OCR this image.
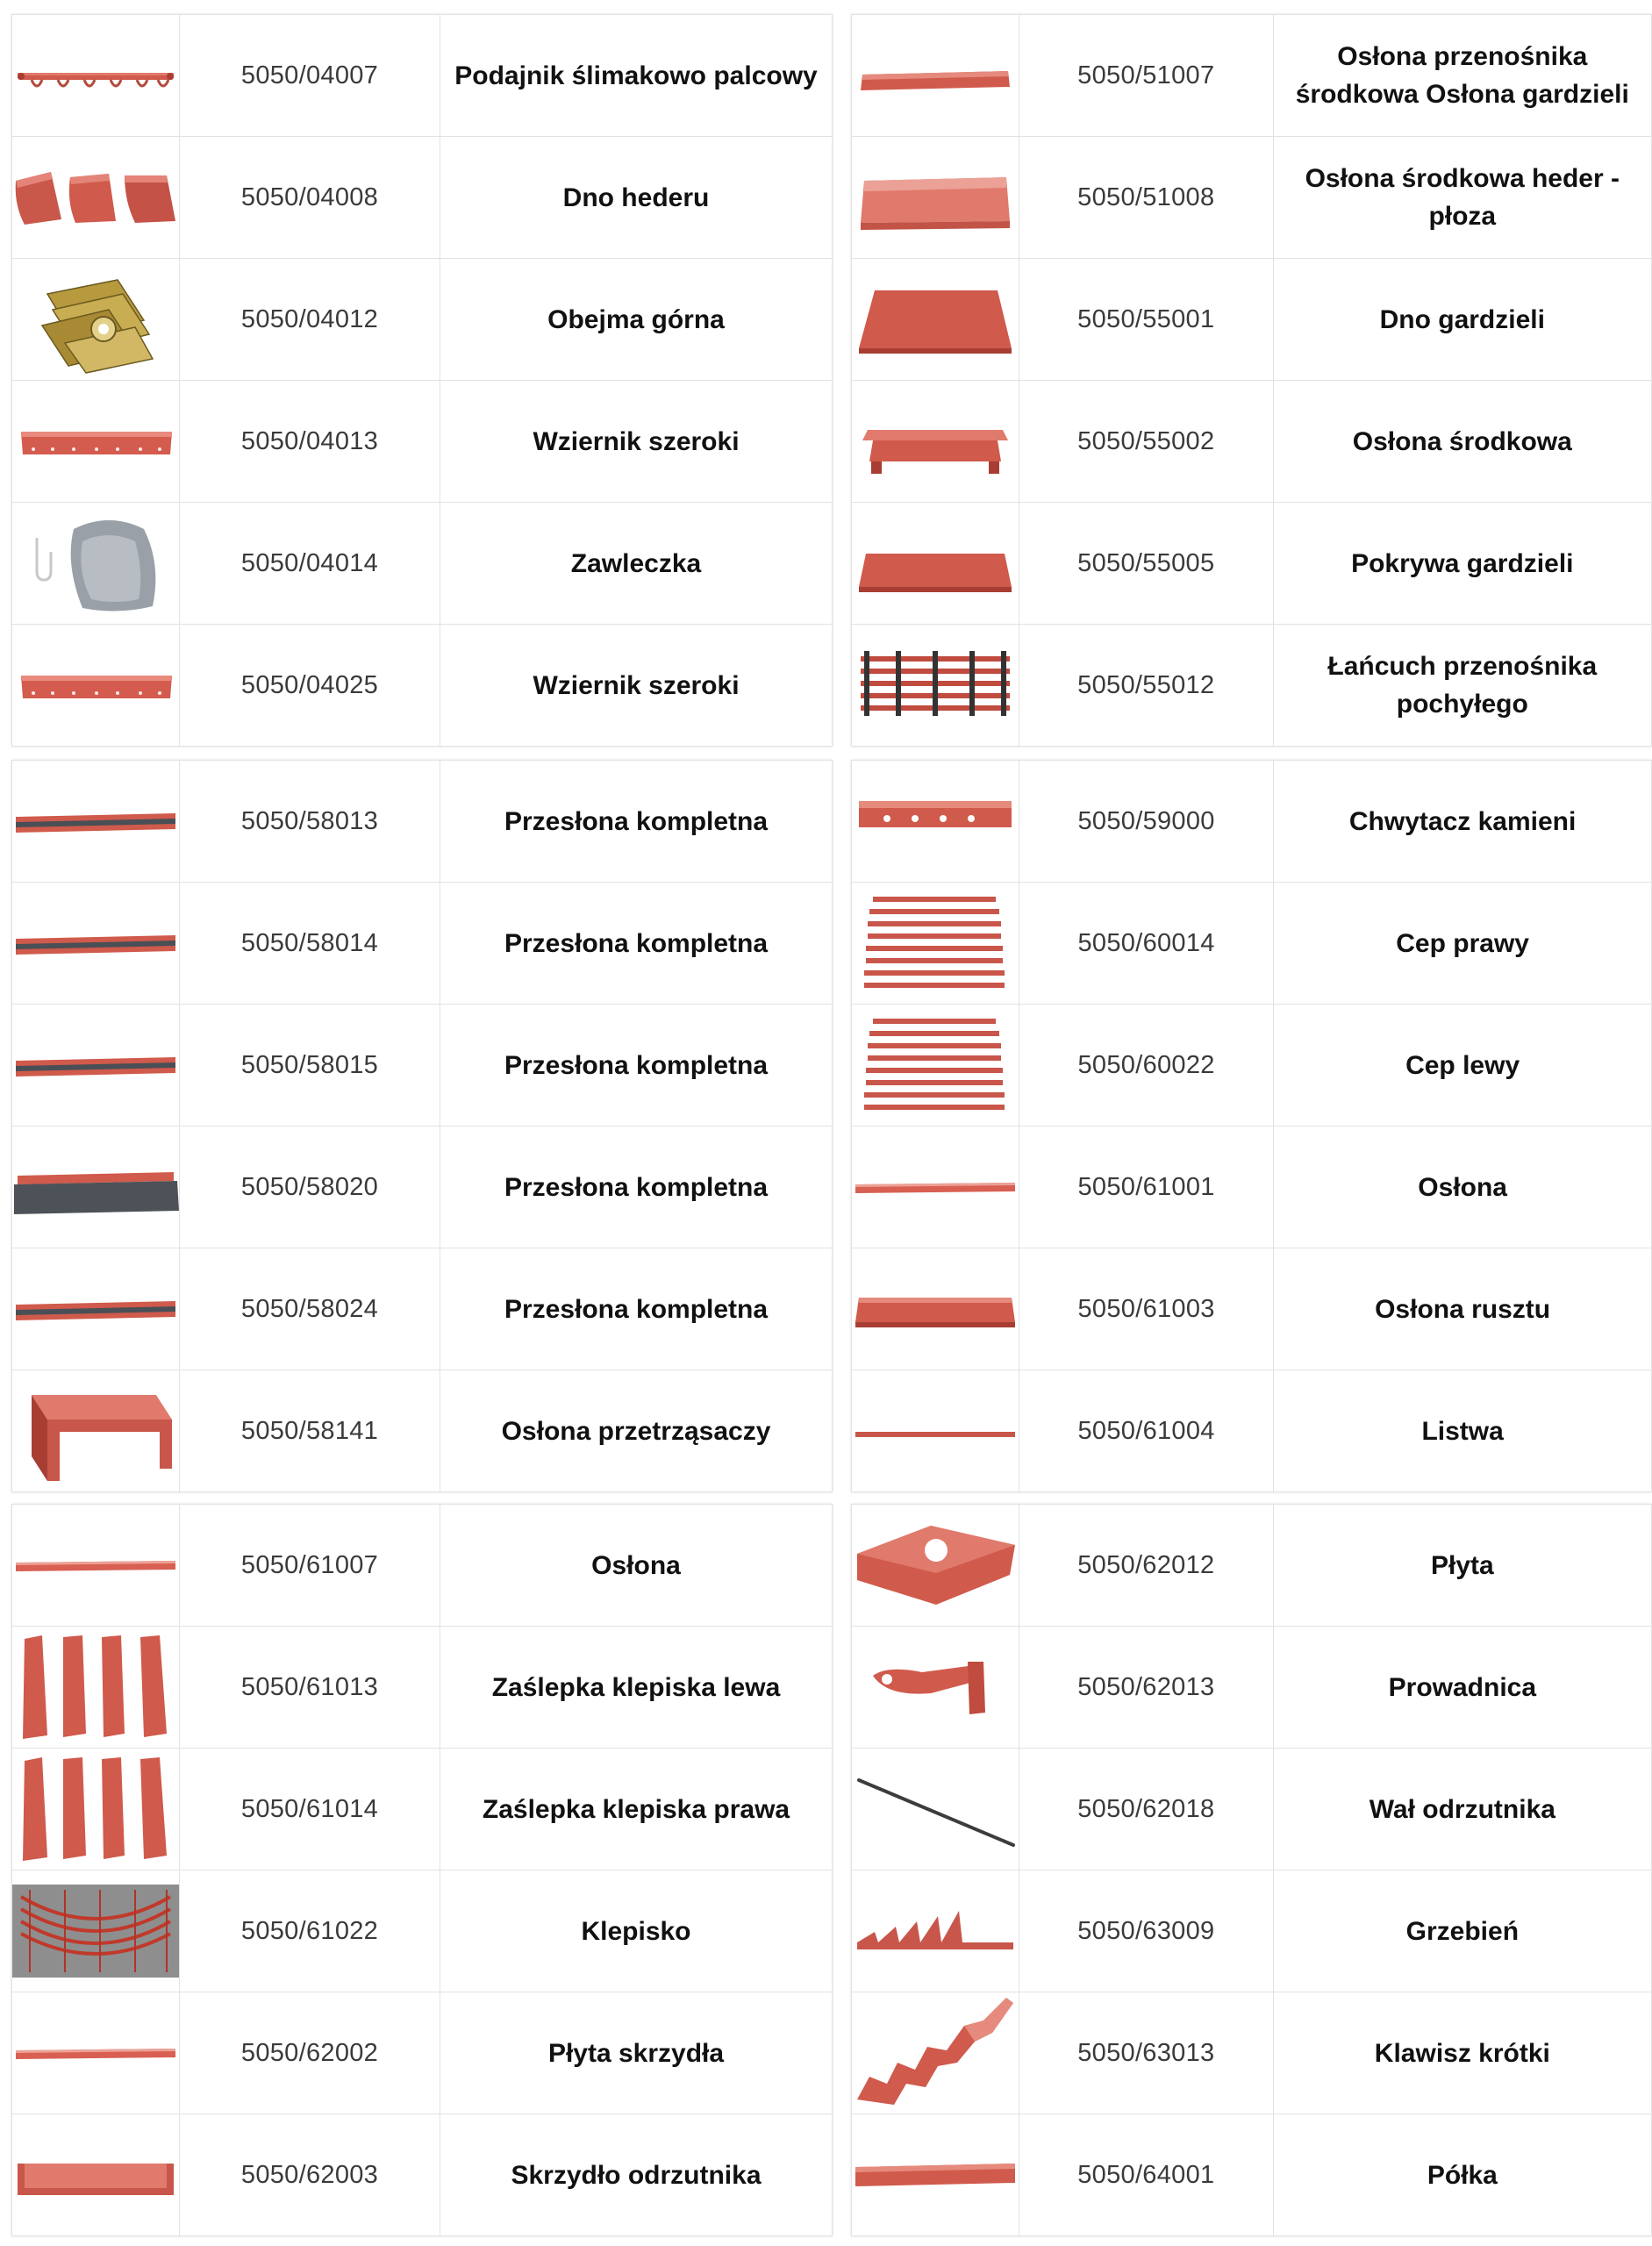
	5050/04007	Podajnik ślimakowo palcowy

	5050/04008	Dno hederu

	5050/04012	Obejma górna

	5050/04013	Wziernik szeroki

	5050/04014	Zawleczka

	5050/04025	Wziernik szeroki
	5050/51007	Osłona przenośnika środkowa Osłona gardzieli

	5050/51008	Osłona środkowa heder - płoza

	5050/55001	Dno gardzieli

	5050/55002	Osłona środkowa

	5050/55005	Pokrywa gardzieli

	5050/55012	Łańcuch przenośnika pochyłego
	5050/58013	Przesłona kompletna

	5050/58014	Przesłona kompletna

	5050/58015	Przesłona kompletna

	5050/58020	Przesłona kompletna

	5050/58024	Przesłona kompletna

	5050/58141	Osłona przetrząsaczy
	5050/59000	Chwytacz kamieni

	5050/60014	Cep prawy

	5050/60022	Cep lewy

	5050/61001	Osłona

	5050/61003	Osłona rusztu

	5050/61004	Listwa
	5050/61007	Osłona

	5050/61013	Zaślepka klepiska lewa

	5050/61014	Zaślepka klepiska prawa

	5050/61022	Klepisko

	5050/62002	Płyta skrzydła

	5050/62003	Skrzydło odrzutnika
	5050/62012	Płyta

	5050/62013	Prowadnica

	5050/62018	Wał odrzutnika

	5050/63009	Grzebień

	5050/63013	Klawisz krótki

	5050/64001	Półka
